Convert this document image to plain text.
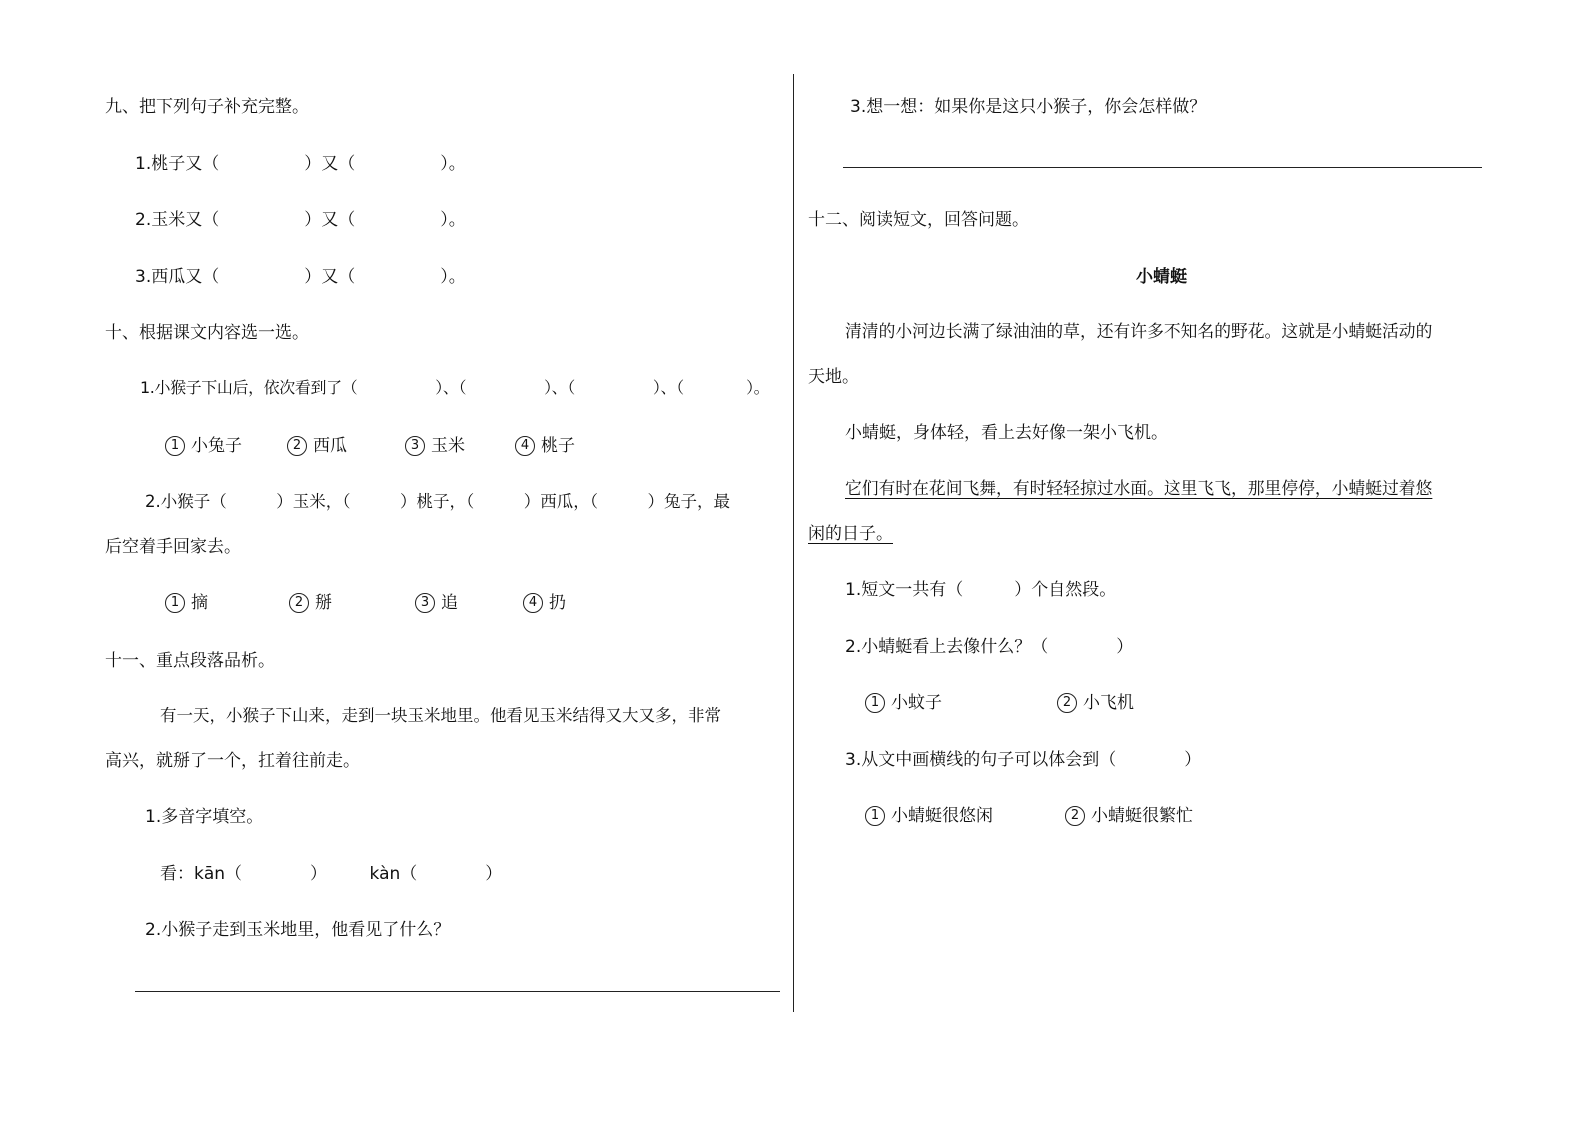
九、把下列句子补充完整。
1.桃子又（　　　　　）又（　　　　　）。
2.玉米又（　　　　　）又（　　　　　）。
3.西瓜又（　　　　　）又（　　　　　）。
十、根据课文内容选一选。
1.小猴子下山后，依次看到了（　　　　　）、（　　　　　）、（　　　　　）、（　　　　）。
1 小兔子	2 西瓜	3 玉米	4 桃子
2.小猴子（　　　）玉米，（　　　）桃子，（　　　）西瓜，（　　　）兔子，最
后空着手回家去。
1 摘	2 掰	3 追	4 扔
十一、重点段落品析。
有一天，小猴子下山来，走到一块玉米地里。他看见玉米结得又大又多，非常
高兴，就掰了一个，扛着往前走。
1.多音字填空。
看：kān（　　　　）　　　kàn（　　　　）
2.小猴子走到玉米地里，他看见了什么？
3.想一想：如果你是这只小猴子，你会怎样做？
十二、阅读短文，回答问题。
小蜻蜓
清清的小河边长满了绿油油的草，还有许多不知名的野花。这就是小蜻蜓活动的
天地。
小蜻蜓，身体轻，看上去好像一架小飞机。
它们有时在花间飞舞，有时轻轻掠过水面。这里飞飞，那里停停，小蜻蜓过着悠
闲的日子。
1.短文一共有（　　　）个自然段。
2.小蜻蜓看上去像什么？（　　　　）
1 小蚊子	2 小飞机
3.从文中画横线的句子可以体会到（　　　　）
1 小蜻蜓很悠闲	2 小蜻蜓很繁忙
